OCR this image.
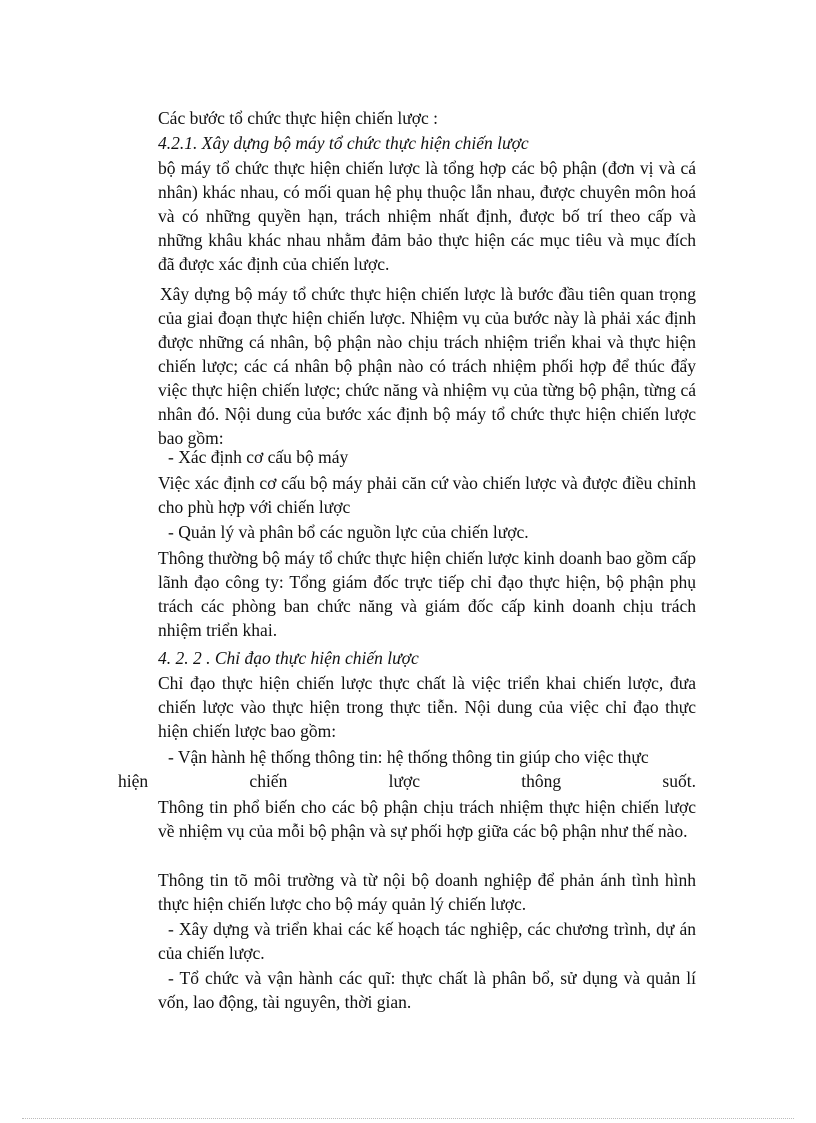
Các bước tổ chức thực hiện chiến lược :

4.2.1. Xây dựng bộ máy tổ chức thực hiện chiến lược

bộ máy tổ chức thực hiện chiến lược là tổng hợp các bộ phận (đơn vị và cá nhân) khác nhau, có mối quan hệ phụ thuộc lẫn nhau, được chuyên môn hoá và có những quyền hạn, trách nhiệm nhất định, được bố trí theo cấp và những khâu khác nhau nhằm đảm bảo thực hiện các mục tiêu và mục đích đã được xác định của chiến lược.

Xây dựng bộ máy tổ chức thực hiện chiến lược là bước đầu tiên quan trọng của giai đoạn thực hiện chiến lược. Nhiệm vụ của bước này là phải xác định được những cá nhân, bộ phận nào chịu trách nhiệm triển khai và thực hiện chiến lược; các cá nhân bộ phận nào có trách nhiệm phối hợp để thúc đẩy việc thực hiện chiến lược; chức năng và nhiệm vụ của từng bộ phận, từng cá nhân đó. Nội dung của bước xác định bộ máy tổ chức thực hiện chiến lược bao gồm:

- Xác định cơ cấu bộ máy

Việc xác định cơ cấu bộ máy phải căn cứ vào chiến lược và được điều chỉnh cho phù hợp với chiến lược

- Quản lý và phân bổ các nguồn lực của chiến lược.

Thông thường bộ máy tổ chức thực hiện chiến lược kinh doanh bao gồm cấp lãnh đạo công ty: Tổng giám đốc trực tiếp chỉ đạo thực hiện, bộ phận phụ trách các phòng ban chức năng và giám đốc cấp kinh doanh chịu trách nhiệm triển khai.

4. 2. 2 . Chỉ đạo thực hiện chiến lược

Chỉ đạo thực hiện chiến lược thực chất là việc triển khai chiến lược, đưa chiến lược vào thực hiện trong thực tiễn. Nội dung của việc chỉ đạo thực hiện chiến lược bao gồm:

- Vận hành hệ thống thông tin: hệ thống thông tin giúp cho việc thực

hiện	chiến	lược	thông	suốt.

Thông tin phổ biến cho các bộ phận chịu trách nhiệm thực hiện chiến lược về nhiệm vụ của mỗi bộ phận và sự phối hợp giữa các bộ phận như thế nào.

Thông tin tõ môi trường và từ nội bộ doanh nghiệp để phản ánh tình hình thực hiện chiến lược cho bộ máy quản lý chiến lược.

- Xây dựng và triển khai các kế hoạch tác nghiệp, các chương trình, dự án của chiến lược.

- Tổ chức và vận hành các quĩ: thực chất là phân bổ, sử dụng và quản lí vốn, lao động, tài nguyên, thời gian.
